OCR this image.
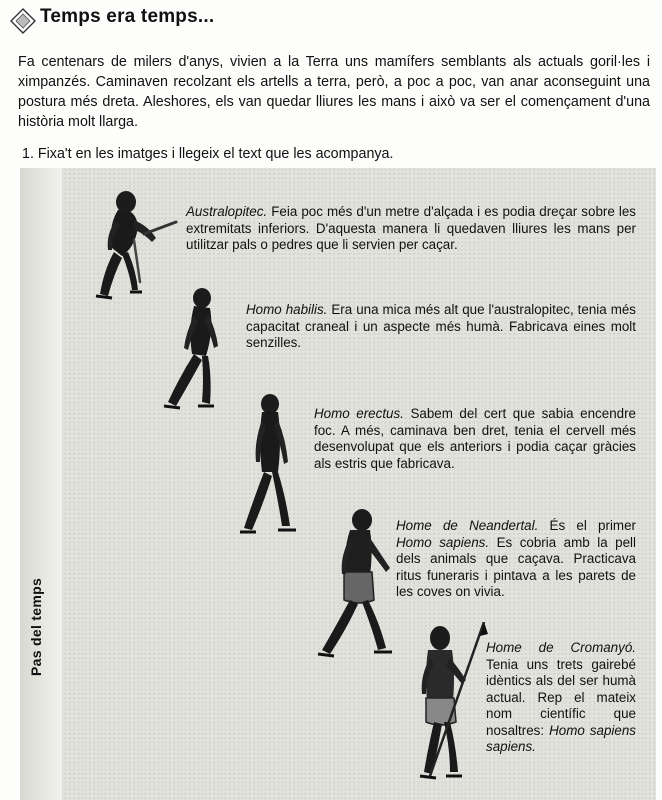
Temps era temps...

Fa centenars de milers d'anys, vivien a la Terra uns mamífers semblants als actuals goril·les i ximpanzés. Caminaven recolzant els artells a terra, però, a poc a poc, van anar aconseguint una postura més dreta. Aleshores, els van quedar lliures les mans i això va ser el començament d'una història molt llarga.

1. Fixa't en les imatges i llegeix el text que les acompanya.
Pas del temps
Australopitec. Feia poc més d'un metre d'alçada i es podia dreçar sobre les extremitats inferiors. D'aquesta manera li quedaven lliures les mans per utilitzar pals o pedres que li servien per caçar.
Homo habilis. Era una mica més alt que l'australopitec, tenia més capacitat craneal i un aspecte més humà. Fabricava eines molt senzilles.
Homo erectus. Sabem del cert que sabia encendre foc. A més, caminava ben dret, tenia el cervell més desenvolupat que els anteriors i podia caçar gràcies als estris que fabricava.
Home de Neandertal. És el primer Homo sapiens. Es cobria amb la pell dels animals que caçava. Practicava ritus funeraris i pintava a les parets de les coves on vivia.
Home de Cromanyó. Tenia uns trets gairebé idèntics als del ser humà actual. Rep el mateix nom científic que nosaltres: Homo sapiens sapiens.
